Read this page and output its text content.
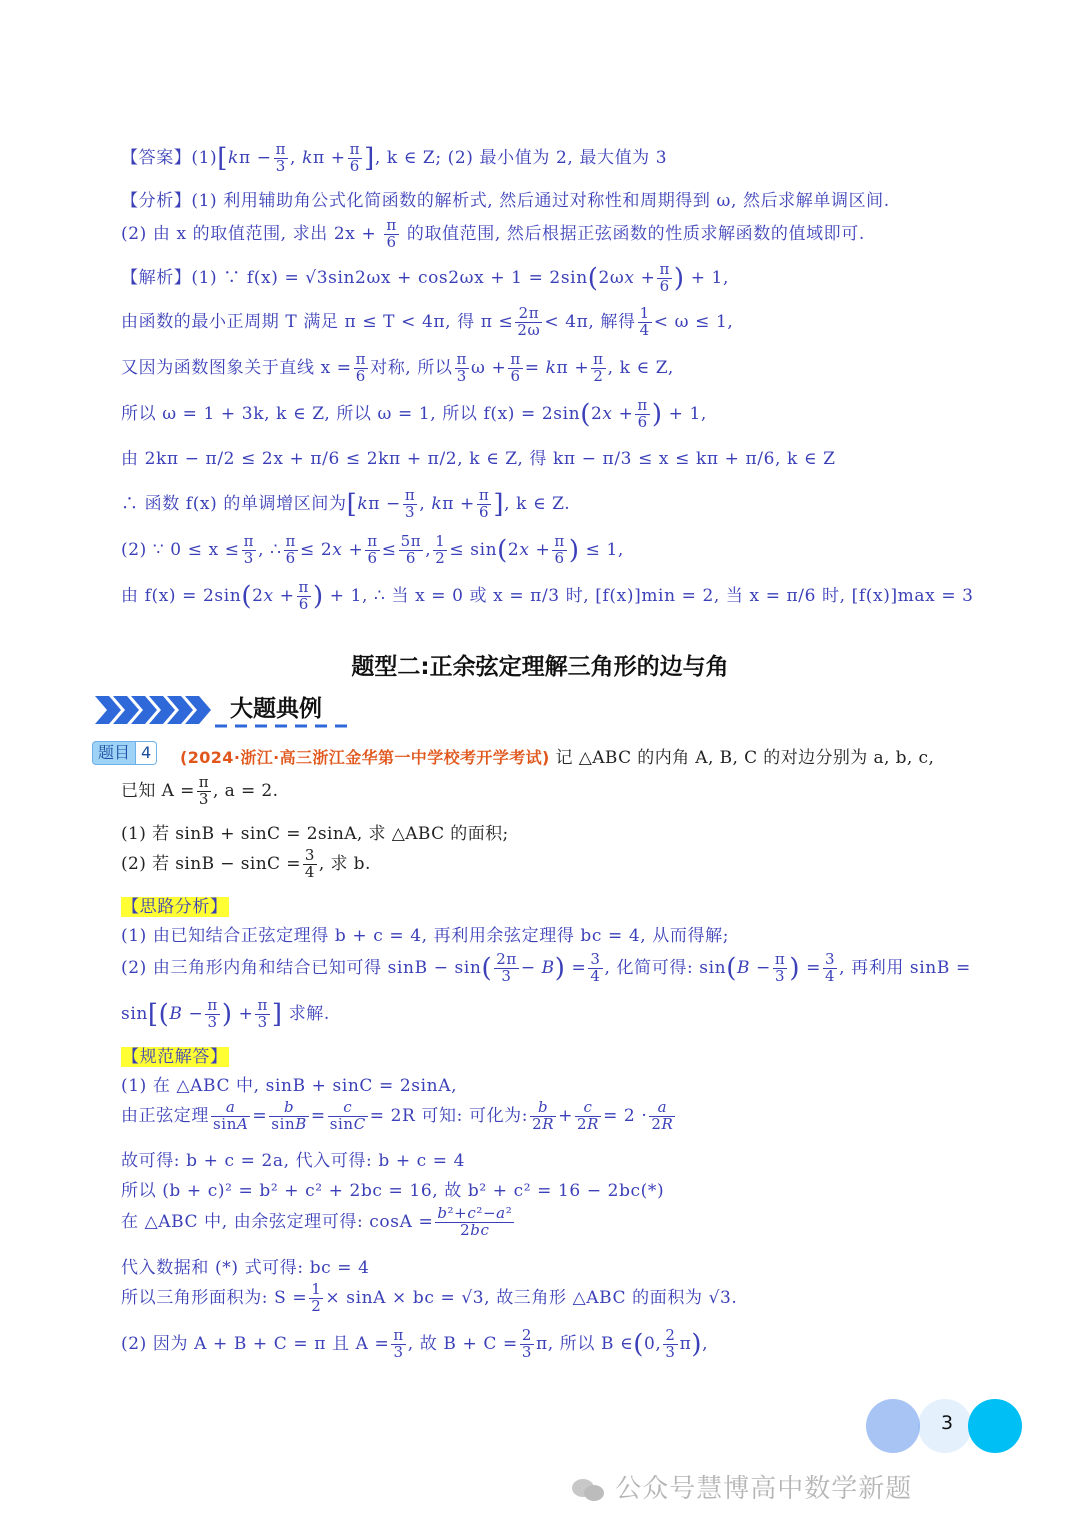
【答案】$(1)[k\pi - \frac{\pi}{3}$ , $k\pi + \frac{\pi}{6}$ ], k ∈ Z; (2) 最小值为 2, 最大值为 3
【分析】(1) 利用辅助角公式化简函数的解析式, 然后通过对称性和周期得到 ω, 然后求解单调区间.
(2) 由 x 的取值范围, 求出 $2x + \frac{\pi}{6}$ 的取值范围, 然后根据正弦函数的性质求解函数的值域即可.
【解析】(1) ∵ $f(x) = √3\sin 2\omega x + \cos 2\omega x + 1 = 2\sin(2\omega x + \frac{\pi}{6}$ ) + 1,
由函数的最小正周期 T 满足 π ≤ T < 4π, 得 $\pi \le \frac{2\pi}{2\omega} < 4\pi$, 解得 $\frac{1}{4} < \omega \le 1$,
又因为函数图象关于直线 $x = \frac{\pi}{6}$ 对称, 所以 $\frac{\pi}{3}$ $\omega + \frac{\pi}{6} = k\pi + \frac{\pi}{2}$ , k ∈ Z,
所以 ω = 1 + 3k, k ∈ Z, 所以 ω = 1, 所以 $f(x) = 2\sin(2x + \frac{\pi}{6}$ ) + 1,
由 2kπ − π/2 ≤ 2x + π/6 ≤ 2kπ + π/2, k ∈ Z, 得 kπ − π/3 ≤ x ≤ kπ + π/6, k ∈ Z
∴ 函数 f(x) 的单调增区间为[$k\pi - \frac{\pi}{3}$ , $k\pi + \frac{\pi}{6}$ ], k ∈ Z.
(2) ∵ $0 \le x \le \frac{\pi}{3}$ , ∴ $\frac{\pi}{6} \le 2x + \frac{\pi}{6} \le \frac{5\pi}{6}$ , $\frac{1}{2} \le \sin(2x + \frac{\pi}{6}$ ) ≤ 1,
由 $f(x) = 2\sin(2x + \frac{\pi}{6}$ ) + 1, ∴ 当 x = 0 或 x = π/3 时, [f(x)]min = 2, 当 x = π/6 时, [f(x)]max = 3
题型二:正余弦定理解三角形的边与角
大题典例
题目 4	(2024·浙江·高三浙江金华第一中学校考开学考试) 记 △ABC 的内角 A, B, C 的对边分别为 a, b, c,
已知 $A = \frac{\pi}{3}$ , a = 2.
(1) 若 sinB + sinC = 2sinA, 求 △ABC 的面积;
(2) 若 $\sin B - \sin C = \frac{3}{4}$ , 求 b.
【思路分析】
(1) 由已知结合正弦定理得 b + c = 4, 再利用余弦定理得 bc = 4, 从而得解;
(2) 由三角形内角和结合已知可得 $\sin B - \sin( \frac{2\pi}{3} - B) = \frac{3}{4}$ , 化简可得: $\sin(B - \frac{\pi}{3}$ ) = $\frac{3}{4}$ , 再利用 sinB =
$\sin[(B - \frac{\pi}{3}$ ) + $\frac{\pi}{3}$ ] 求解.
【规范解答】
(1) 在 △ABC 中, sinB + sinC = 2sinA,
由正弦定理 $\frac{a}{\sin A} = \frac{b}{\sin B} = \frac{c}{\sin C} = 2R$ 可知: 可化为: $\frac{b}{2R} + \frac{c}{2R} = 2 \cdot \frac{a}{2R}$
故可得: b + c = 2a, 代入可得: b + c = 4
所以 (b + c)² = b² + c² + 2bc = 16, 故 b² + c² = 16 − 2bc(*)
在 △ABC 中, 由余弦定理可得: $\cos A = \frac{\text{b²+c²−a²}}{2bc}$
代入数据和 (*) 式可得: bc = 4
所以三角形面积为: $S = \frac{1}{2} \times \sin A$ × bc = √3, 故三角形 △ABC 的面积为 √3.
(2) 因为 A + B + C = π 且 $A = \frac{\pi}{3}$ , 故 $B + C = \frac{2}{3} \pi$, 所以 B ∈(0, $\frac{2}{3} \pi$),
3
公众号慧博高中数学新题
